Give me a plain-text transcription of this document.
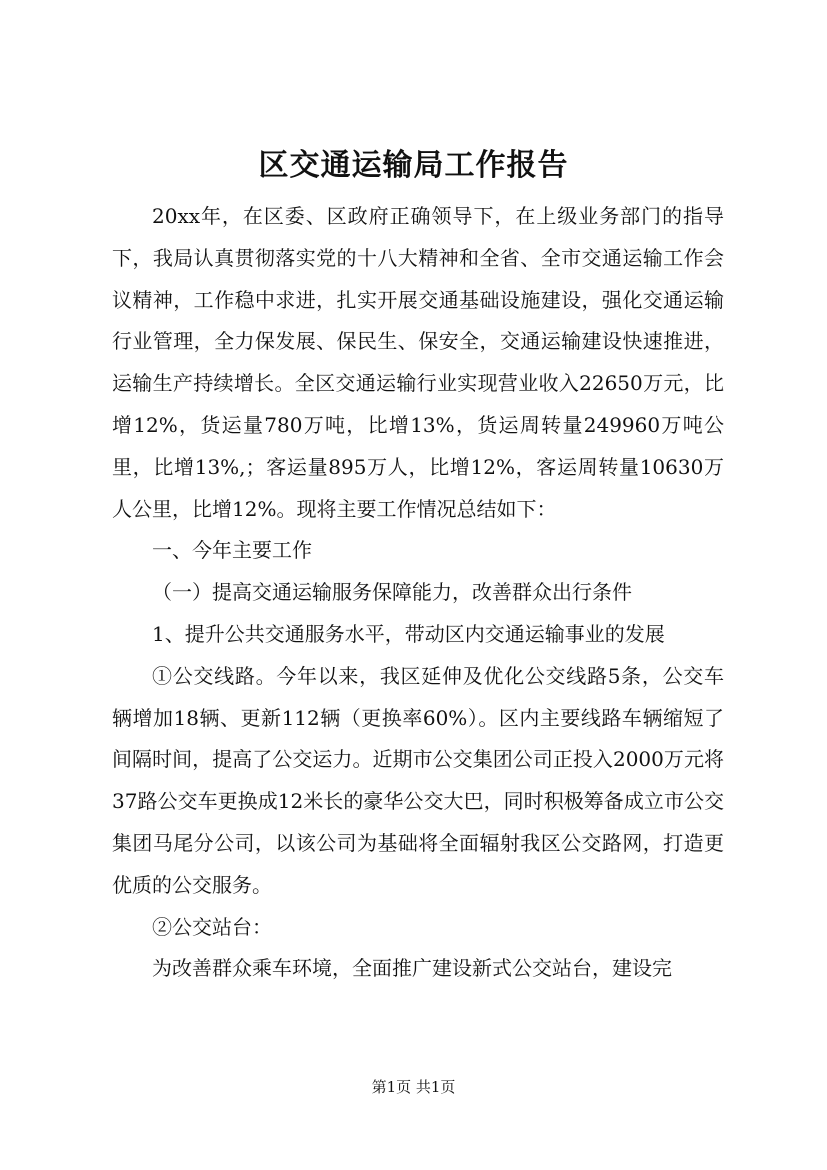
区交通运输局工作报告

20xx年，在区委、区政府正确领导下，在上级业务部门的指导下，我局认真贯彻落实党的十八大精神和全省、全市交通运输工作会议精神，工作稳中求进，扎实开展交通基础设施建设，强化交通运输行业管理，全力保发展、保民生、保安全，交通运输建设快速推进，运输生产持续增长。全区交通运输行业实现营业收入22650万元，比增12%，货运量780万吨，比增13%，货运周转量249960万吨公里，比增13%,；客运量895万人，比增12%，客运周转量10630万人公里，比增12%。现将主要工作情况总结如下：

一、今年主要工作

（一）提高交通运输服务保障能力，改善群众出行条件

1、提升公共交通服务水平，带动区内交通运输事业的发展

①公交线路。今年以来，我区延伸及优化公交线路5条，公交车辆增加18辆、更新112辆（更换率60%）。区内主要线路车辆缩短了间隔时间，提高了公交运力。近期市公交集团公司正投入2000万元将37路公交车更换成12米长的豪华公交大巴，同时积极筹备成立市公交集团马尾分公司，以该公司为基础将全面辐射我区公交路网，打造更优质的公交服务。

②公交站台：

为改善群众乘车环境，全面推广建设新式公交站台，建设完

第1页 共1页
